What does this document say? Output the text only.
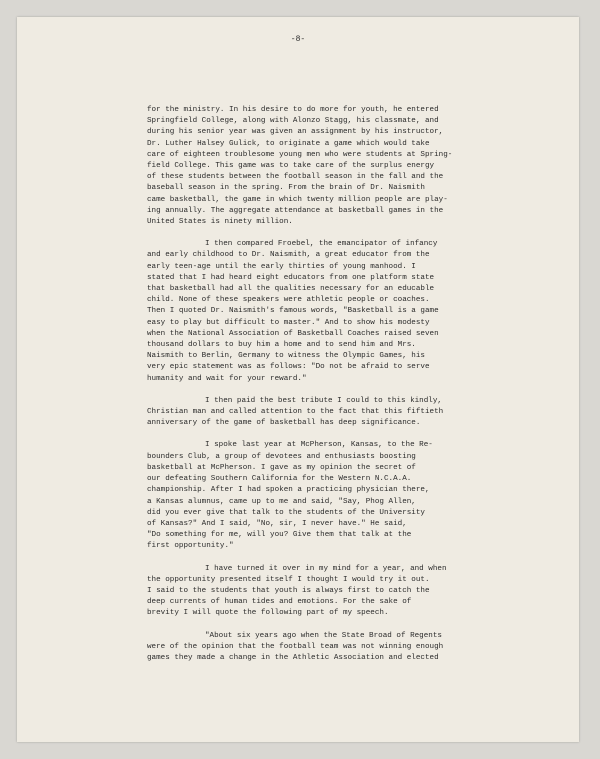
-8-
for the ministry. In his desire to do more for youth, he entered
Springfield College, along with Alonzo Stagg, his classmate, and
during his senior year was given an assignment by his instructor,
Dr. Luther Halsey Gulick, to originate a game which would take
care of eighteen troublesome young men who were students at Spring-
field College. This game was to take care of the surplus energy
of these students between the football season in the fall and the
baseball season in the spring. From the brain of Dr. Naismith
came basketball, the game in which twenty million people are play-
ing annually. The aggregate attendance at basketball games in the
United States is ninety million.
I then compared Froebel, the emancipator of infancy
and early childhood to Dr. Naismith, a great educator from the
early teen-age until the early thirties of young manhood. I
stated that I had heard eight educators from one platform state
that basketball had all the qualities necessary for an educable
child. None of these speakers were athletic people or coaches.
Then I quoted Dr. Naismith's famous words, "Basketball is a game
easy to play but difficult to master." And to show his modesty
when the National Association of Basketball Coaches raised seven
thousand dollars to buy him a home and to send him and Mrs.
Naismith to Berlin, Germany to witness the Olympic Games, his
very epic statement was as follows: "Do not be afraid to serve
humanity and wait for your reward."
I then paid the best tribute I could to this kindly,
Christian man and called attention to the fact that this fiftieth
anniversary of the game of basketball has deep significance.
I spoke last year at McPherson, Kansas, to the Re-
bounders Club, a group of devotees and enthusiasts boosting
basketball at McPherson. I gave as my opinion the secret of
our defeating Southern California for the Western N.C.A.A.
championship. After I had spoken a practicing physician there,
a Kansas alumnus, came up to me and said, "Say, Phog Allen,
did you ever give that talk to the students of the University
of Kansas?" And I said, "No, sir, I never have." He said,
"Do something for me, will you? Give them that talk at the
first opportunity."
I have turned it over in my mind for a year, and when
the opportunity presented itself I thought I would try it out.
I said to the students that youth is always first to catch the
deep currents of human tides and emotions. For the sake of
brevity I will quote the following part of my speech.
"About six years ago when the State Broad of Regents
were of the opinion that the football team was not winning enough
games they made a change in the Athletic Association and elected
